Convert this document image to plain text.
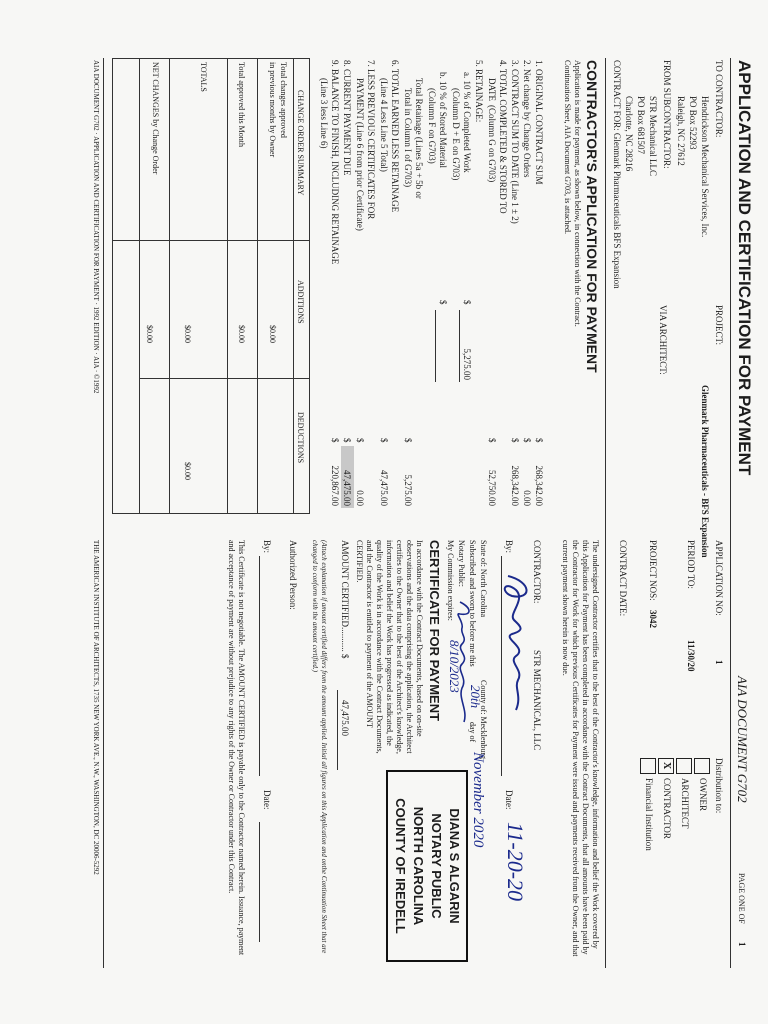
APPLICATION AND CERTIFICATION FOR PAYMENT
AIA DOCUMENT G702
PAGE ONE OF
1
TO CONTRACTOR:
Hendrickson Mechanical Services, Inc.
PO Box 52293
Raleigh, NC 27612
FROM SUBCONTRACTOR:
STR Mechanical LLC
PO Box 681507
Charlotte, NC 28216
CONTRACT FOR: Glenmark Pharmaceuticals BFS Expansion
PROJECT:
Glenmark Pharmaceuticals - BFS Expansion
VIA ARCHITECT:
APPLICATION NO:
1
PERIOD TO:
11/30/20
PROJECT NOS:
3042
CONTRACT DATE:
Distribution to:
OWNER
ARCHITECT
X
CONTRACTOR
Financial Institution
CONTRACTOR'S APPLICATION FOR PAYMENT
Application is made for payment, as shown below, in connection with the Contract.
Continuation Sheet, AIA Document G703, is attached.
1. ORIGINAL CONTRACT SUM
$
268,342.00
2. Net change by Change Orders
$
0.00
3. CONTRACT SUM TO DATE (Line 1 ± 2)
$
268,342.00
4. TOTAL COMPLETED & STORED TO
DATE
(Column G on G703)
$
52,750.00
5. RETAINAGE:
a. 10 % of Completed Work
(Column D + E on G703)
$
5,275.00
b. 10 % of Stored Material
(Column F on G703)
$
Total Retainage (Lines 5a + 5b or
Total in Column I of G703)
$
5,275.00
6. TOTAL EARNED LESS RETAINAGE
(Line 4 Less Line 5 Total)
$
47,475.00
7. LESS PREVIOUS CERTIFICATES FOR
PAYMENT (Line 6 from prior Certificate)
$
0.00
8. CURRENT PAYMENT DUE
$
47,475.00
9. BALANCE TO FINISH, INCLUDING RETAINAGE
(Line 3 less Line 6)
$
220,867.00
CHANGE ORDER SUMMARY
ADDITIONS
DEDUCTIONS
Total changes approved
in previous months by Owner
$0.00
Total approved this Month
$0.00
TOTALS
$0.00
$0.00
NET CHANGES by Change Order
$0.00
The undersigned Contractor certifies that to the best of the Contractor's knowledge, information and belief the Work covered by this Application for Payment has been completed in accordance with the Contract Documents, that all amounts have been paid by the Contractor for Work for which previous Certificates for Payment were issued and payments received from the Owner, and that current payment shown herein is now due.
CONTRACTOR:
STR MECHANICAL, LLC
By:
Date:
11-20-20
State of: North Carolina
County of: Mecklenburg
Subscribed and sworn to before me this
20th
day of
November 2020
Notary Public:
My Commission expires:
8/10/2023
DIANA S ALGARIN
NOTARY PUBLIC
NORTH CAROLINA
COUNTY OF IREDELL
CERTIFICATE FOR PAYMENT
In accordance with the Contract Documents, based on on-site observations and the data comprising the application, the Architect certifies to the Owner that to the best of the Architect's knowledge, information and belief the Work has progressed as indicated, the quality of the Work is in accordance with the Contract Documents, and the Contractor is entitled to payment of the AMOUNT CERTIFIED.
AMOUNT CERTIFIED........... $
47,475.00
(Attach explanation if amount certified differs from the amount applied. Initial all figures on this Application and onthe Continuation Sheet that are changed to conform with the amount certified.)
Authorized Person:
By:
Date:
This Certificate is not negotiable. The AMOUNT CERTIFIED is payable only to the Contractor named herein. Issuance, payment and acceptance of payment are without prejudice to any rights of the Owner or Contractor under this Contract.
AIA DOCUMENT G702 · APPLICATION AND CERTIFICATION FOR PAYMENT · 1992 EDITION · AIA · ©1992
THE AMERICAN INSTITUTE OF ARCHITECTS, 1735 NEW YORK AVE., N.W., WASHINGTON, DC 20006-5292
